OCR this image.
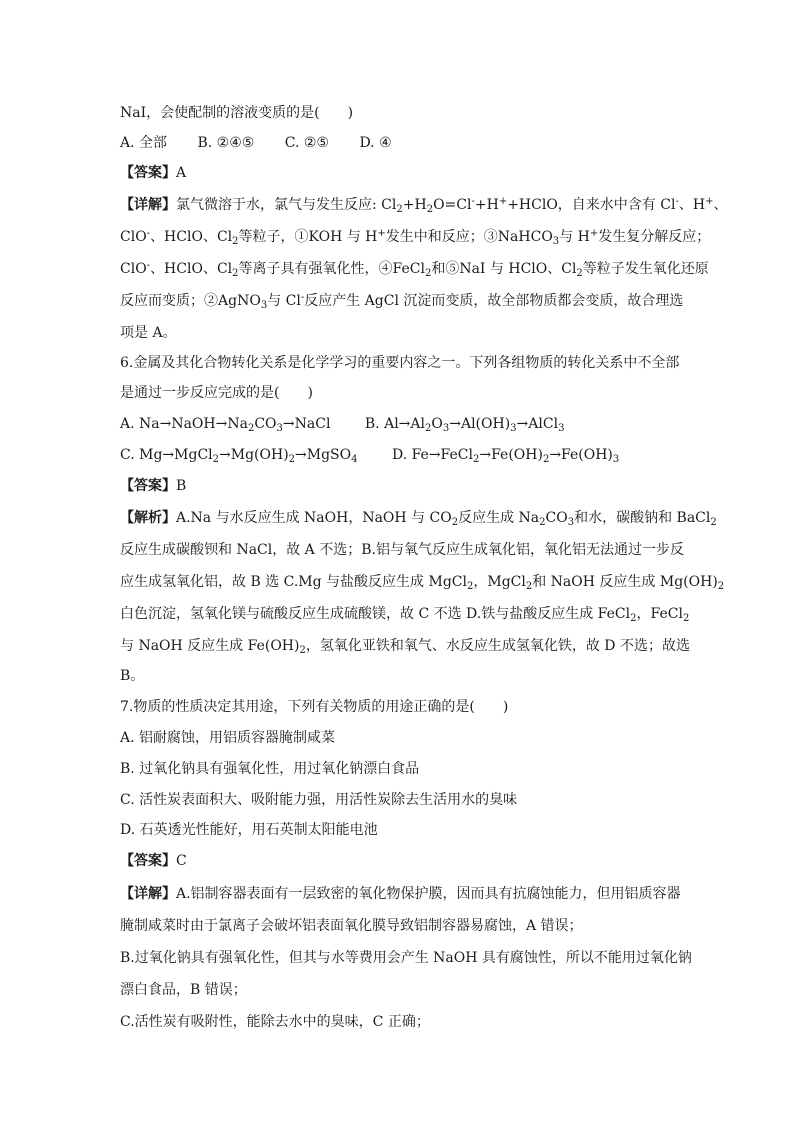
NaI，会使配制的溶液变质的是(　　)
A. 全部 B. ②④⑤ C. ②⑤ D. ④
【答案】A
【详解】氯气微溶于水，氯气与发生反应: $Cl_2+H_2O=Cl^-+H^++HClO$，自来水中含有 Cl-、H+、
ClO-、HClO、$Cl_2$等粒子，①KOH 与 H+发生中和反应；③NaHCO$_3$与 H+发生复分解反应；
ClO-、HClO、$Cl_2$等离子具有强氧化性，④FeCl$_2$和⑤NaI 与 HClO、$Cl_2$等粒子发生氧化还原
反应而变质；②AgNO$_3$与 Cl-反应产生 AgCl 沉淀而变质，故全部物质都会变质，故合理选
项是 A。
6.金属及其化合物转化关系是化学学习的重要内容之一。下列各组物质的转化关系中不全部
是通过一步反应完成的是(　　)
A. $Na\to NaOH\to Na_2CO_3\to NaCl$ B. $Al\to Al_2O_3\to Al(OH)_3\to AlCl_3$
C. $Mg\to MgCl_2\to Mg(OH)_2\to MgSO_4$ D. $Fe\to FeCl_2\to Fe(OH)_2\to Fe(OH)_3$
【答案】B
【解析】A.Na 与水反应生成 NaOH，NaOH 与 $CO_2$反应生成 $Na_2CO_3$和水，碳酸钠和 BaCl$_2$
反应生成碳酸钡和 NaCl，故 A 不选；B.铝与氧气反应生成氧化铝，氧化铝无法通过一步反
应生成氢氧化铝，故 B 选 C.Mg 与盐酸反应生成 MgCl$_2$，MgCl$_2$和 NaOH 反应生成 $Mg(OH)_2$
白色沉淀，氢氧化镁与硫酸反应生成硫酸镁，故 C 不选 D.铁与盐酸反应生成 FeCl$_2$，FeCl$_2$
与 NaOH 反应生成 $Fe(OH)_2$，氢氧化亚铁和氧气、水反应生成氢氧化铁，故 D 不选；故选
B。
7.物质的性质决定其用途，下列有关物质的用途正确的是(　　)
A. 铝耐腐蚀，用铝质容器腌制咸菜
B. 过氧化钠具有强氧化性，用过氧化钠漂白食品
C. 活性炭表面积大、吸附能力强，用活性炭除去生活用水的臭味
D. 石英透光性能好，用石英制太阳能电池
【答案】C
【详解】A.铝制容器表面有一层致密的氧化物保护膜，因而具有抗腐蚀能力，但用铝质容器
腌制咸菜时由于氯离子会破坏铝表面氧化膜导致铝制容器易腐蚀，A 错误；
B.过氧化钠具有强氧化性，但其与水等费用会产生 NaOH 具有腐蚀性，所以不能用过氧化钠
漂白食品，B 错误；
C.活性炭有吸附性，能除去水中的臭味，C 正确；
